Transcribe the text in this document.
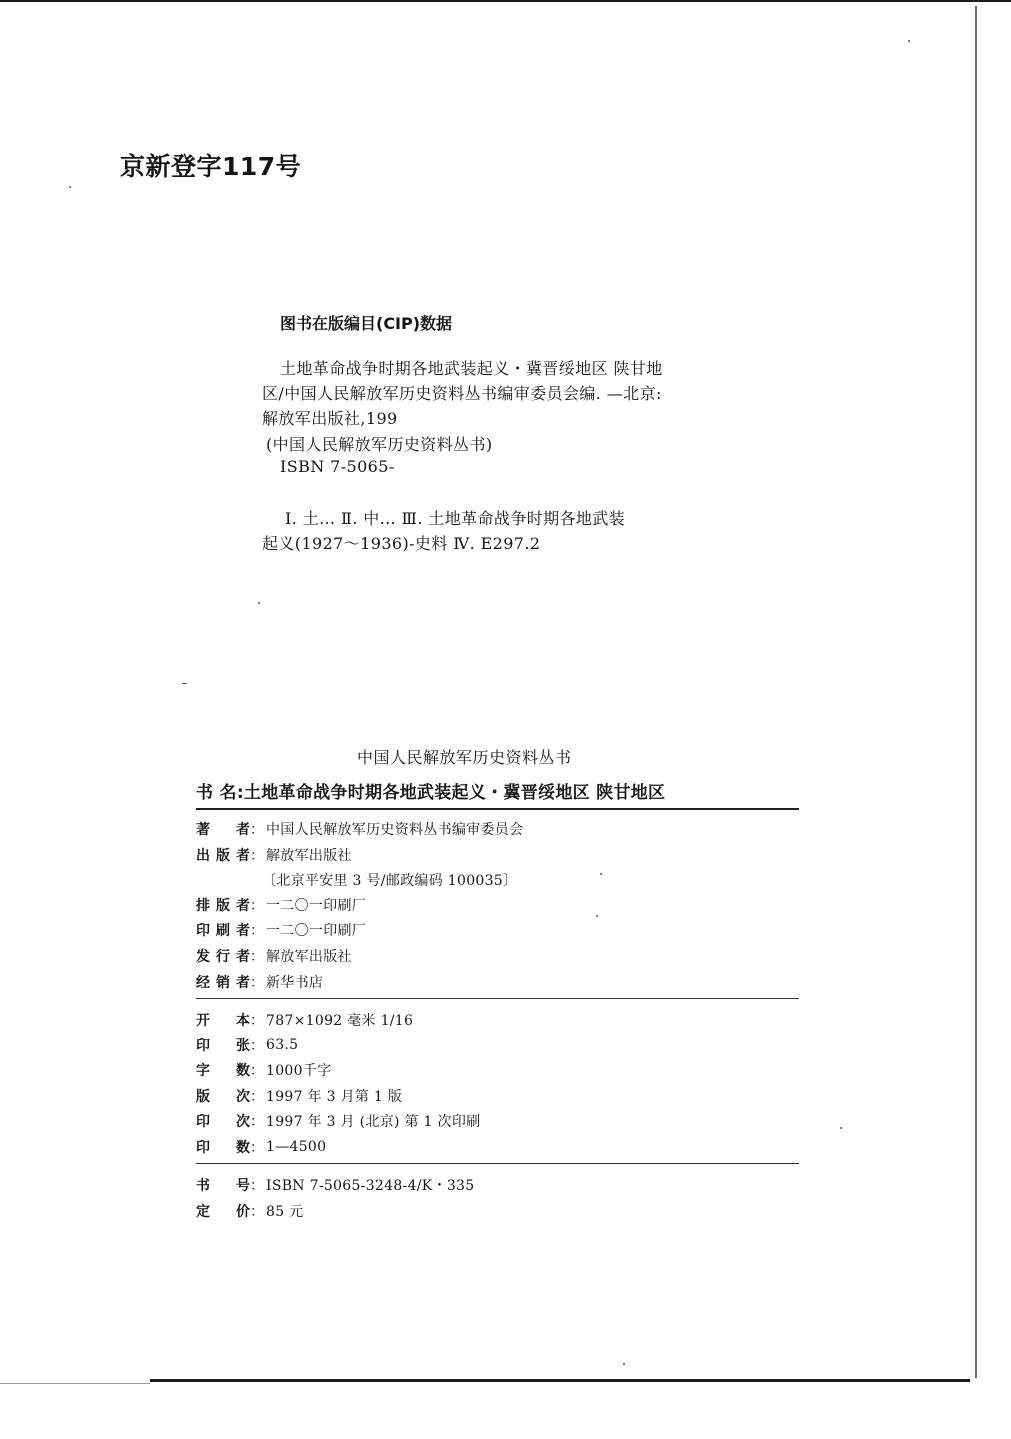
京新登字117号
图书在版编目(CIP)数据
土地革命战争时期各地武装起义・冀晋绥地区 陕甘地
区/中国人民解放军历史资料丛书编审委员会编. —北京:
解放军出版社,199
(中国人民解放军历史资料丛书)
ISBN 7-5065-
Ⅰ. 土… Ⅱ. 中… Ⅲ. 土地革命战争时期各地武装
起义(1927～1936)-史料 Ⅳ. E297.2
中国人民解放军历史资料丛书
书 名:土地革命战争时期各地武装起义・冀晋绥地区 陕甘地区
著者 ： 中国人民解放军历史资料丛书编审委员会
出版者 ： 解放军出版社
〔北京平安里 3 号/邮政编码 100035〕
排版者 ： 一二〇一印刷厂
印刷者 ： 一二〇一印刷厂
发行者 ： 解放军出版社
经销者 ： 新华书店
开本 ： 787×1092 毫米 1/16
印张 ： 63.5
字数 ： 1000千字
版次 ： 1997 年 3 月第 1 版
印次 ： 1997 年 3 月 (北京) 第 1 次印刷
印数 ： 1—4500
书号 ： ISBN 7-5065-3248-4/K・335
定价 ： 85 元
